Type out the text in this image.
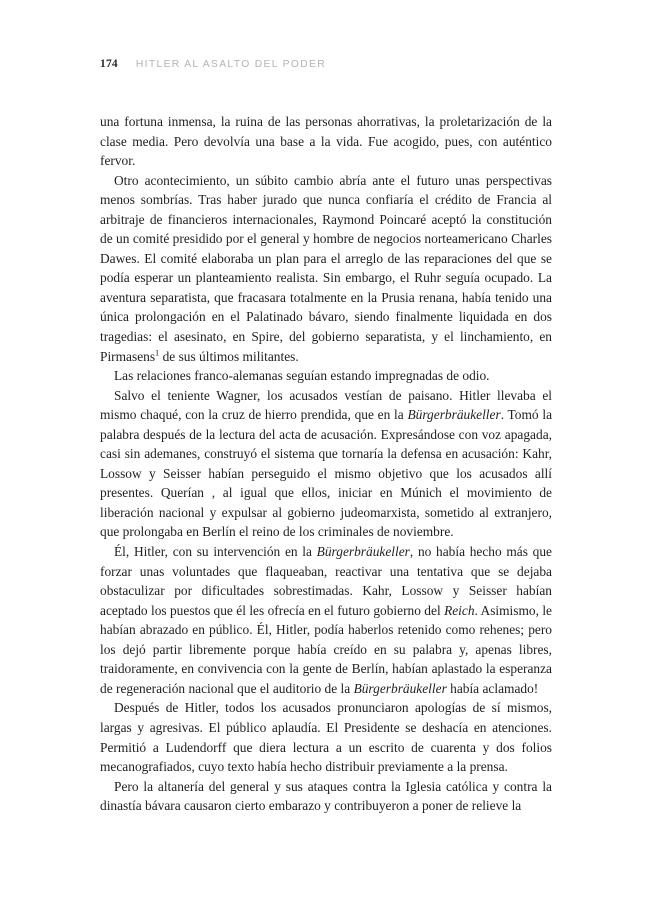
174 HITLER AL ASALTO DEL PODER

una fortuna inmensa, la ruina de las personas ahorrativas, la proletarización de la clase media. Pero devolvía una base a la vida. Fue acogido, pues, con auténtico fervor.

Otro acontecimiento, un súbito cambio abría ante el futuro unas perspectivas menos sombrías. Tras haber jurado que nunca confiaría el crédito de Francia al arbitraje de financieros internacionales, Raymond Poincaré aceptó la constitución de un comité presidido por el general y hombre de negocios norteamericano Charles Dawes. El comité elaboraba un plan para el arreglo de las reparaciones del que se podía esperar un planteamiento realista. Sin embargo, el Ruhr seguía ocupado. La aventura separatista, que fracasara totalmente en la Prusia renana, había tenido una única prolongación en el Palatinado bávaro, siendo finalmente liquidada en dos tragedias: el asesinato, en Spire, del gobierno separatista, y el linchamiento, en Pirmasens$^1$ de sus últimos militantes.

Las relaciones franco-alemanas seguían estando impregnadas de odio.

Salvo el teniente Wagner, los acusados vestían de paisano. Hitler llevaba el mismo chaqué, con la cruz de hierro prendida, que en la Bürgerbräukeller. Tomó la palabra después de la lectura del acta de acusación. Expresándose con voz apagada, casi sin ademanes, construyó el sistema que tornaría la defensa en acusación: Kahr, Lossow y Seisser habían perseguido el mismo objetivo que los acusados allí presentes. Querían , al igual que ellos, iniciar en Múnich el movimiento de liberación nacional y expulsar al gobierno judeomarxista, sometido al extranjero, que prolongaba en Berlín el reino de los criminales de noviembre.

Él, Hitler, con su intervención en la Bürgerbräukeller, no había hecho más que forzar unas voluntades que flaqueaban, reactivar una tentativa que se dejaba obstaculizar por dificultades sobrestimadas. Kahr, Lossow y Seisser habían aceptado los puestos que él les ofrecía en el futuro gobierno del Reich. Asimismo, le habían abrazado en público. Él, Hitler, podía haberlos retenido como rehenes; pero los dejó partir libremente porque había creído en su palabra y, apenas libres, traidoramente, en convivencia con la gente de Berlín, habían aplastado la esperanza de regeneración nacional que el auditorio de la Bürgerbräukeller había aclamado!

Después de Hitler, todos los acusados pronunciaron apologías de sí mismos, largas y agresivas. El público aplaudía. El Presidente se deshacía en atenciones. Permitió a Ludendorff que diera lectura a un escrito de cuarenta y dos folios mecanografiados, cuyo texto había hecho distribuir previamente a la prensa.

Pero la altanería del general y sus ataques contra la Iglesia católica y contra la dinastía bávara causaron cierto embarazo y contribuyeron a poner de relieve la
